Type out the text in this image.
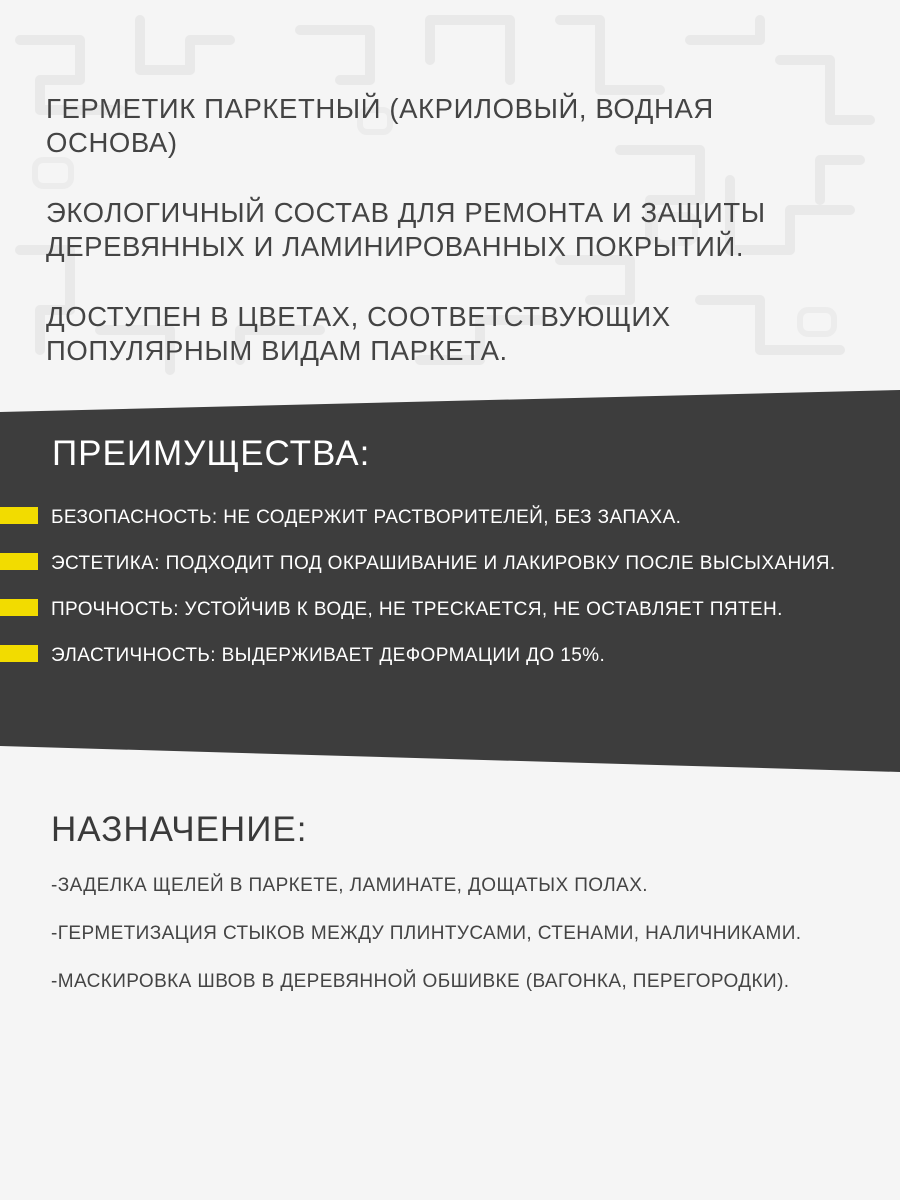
ГЕРМЕТИК ПАРКЕТНЫЙ (АКРИЛОВЫЙ, ВОДНАЯ ОСНОВА)

ЭКОЛОГИЧНЫЙ СОСТАВ ДЛЯ РЕМОНТА И ЗАЩИТЫ ДЕРЕВЯННЫХ И ЛАМИНИРОВАННЫХ ПОКРЫТИЙ.

ДОСТУПЕН В ЦВЕТАХ, СООТВЕТСТВУЮЩИХ ПОПУЛЯРНЫМ ВИДАМ ПАРКЕТА.

ПРЕИМУЩЕСТВА:
БЕЗОПАСНОСТЬ: НЕ СОДЕРЖИТ РАСТВОРИТЕЛЕЙ, БЕЗ ЗАПАХА.
ЭСТЕТИКА: ПОДХОДИТ ПОД ОКРАШИВАНИЕ И ЛАКИРОВКУ ПОСЛЕ ВЫСЫХАНИЯ.
ПРОЧНОСТЬ: УСТОЙЧИВ К ВОДЕ, НЕ ТРЕСКАЕТСЯ, НЕ ОСТАВЛЯЕТ ПЯТЕН.
ЭЛАСТИЧНОСТЬ: ВЫДЕРЖИВАЕТ ДЕФОРМАЦИИ ДО 15%.
НАЗНАЧЕНИЕ:

-ЗАДЕЛКА ЩЕЛЕЙ В ПАРКЕТЕ, ЛАМИНАТЕ, ДОЩАТЫХ ПОЛАХ.

-ГЕРМЕТИЗАЦИЯ СТЫКОВ МЕЖДУ ПЛИНТУСАМИ, СТЕНАМИ, НАЛИЧНИКАМИ.

-МАСКИРОВКА ШВОВ В ДЕРЕВЯННОЙ ОБШИВКЕ (ВАГОНКА, ПЕРЕГОРОДКИ).
